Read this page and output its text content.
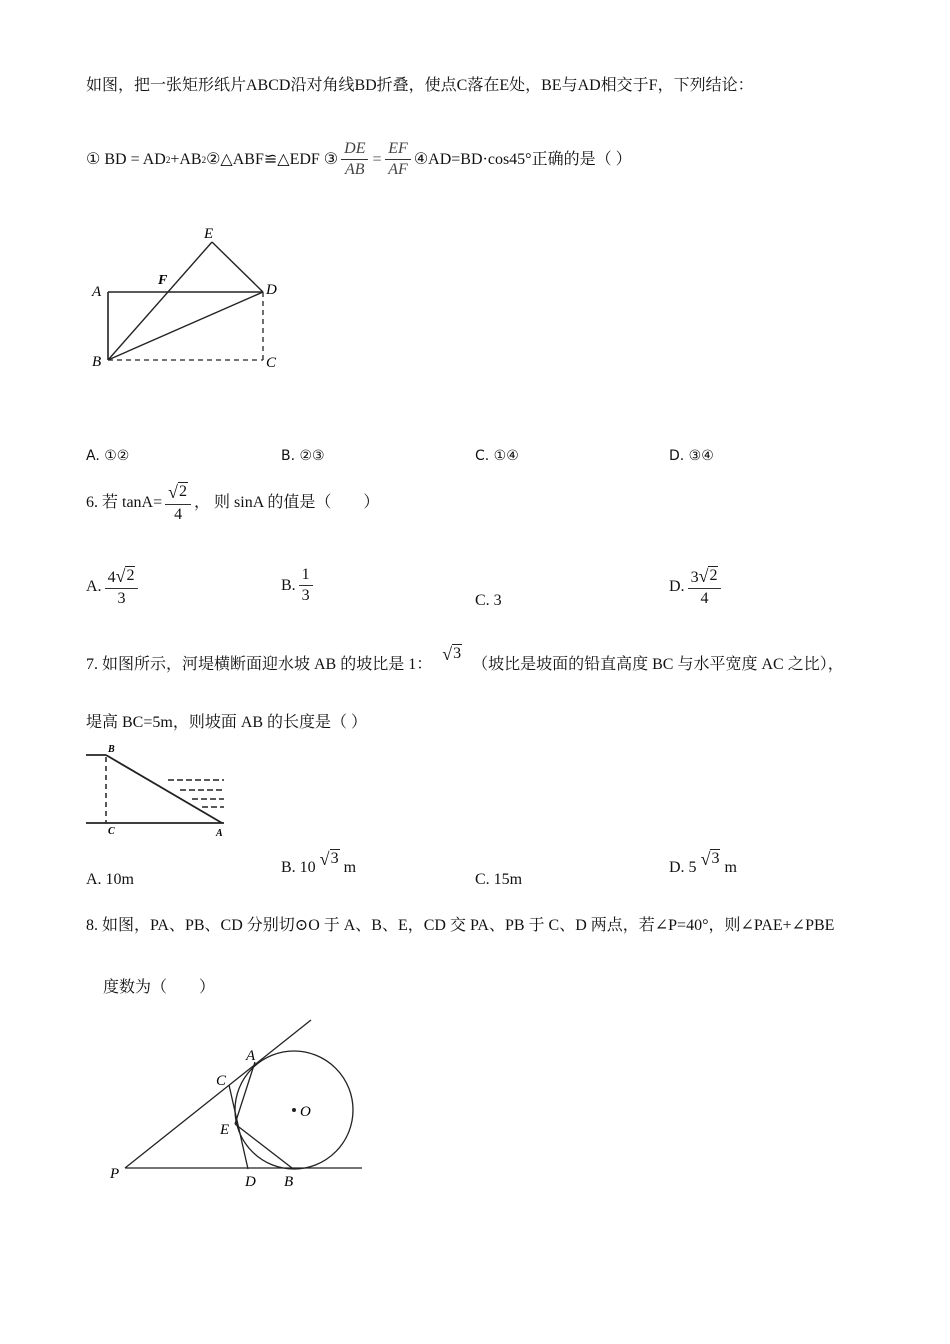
如图，把一张矩形纸片ABCD沿对角线BD折叠，使点C落在E处，BE与AD相交于F，下列结论：
① BD = AD 2 +AB 2 ②△ABF≌△EDF ③ $\frac{DE}{AB} = \frac{EF}{AF}$ ④AD=BD·cos45°正确的是（ ）
E
F
A	D
B	C
A. ①②	B. ②③	C. ①④	D. ③④
6. 若 $\tan A= \frac{√ 2}{4}$ ， 则 sinA 的值是（　　）
A. $\frac{4 √ 2}{3}$	B. $\frac{1}{3}$	C. 3
D. $\frac{3 √ 2}{4}$
7. 如图所示，河堤横断面迎水坡 AB 的坡比是 1：
√ 3
（坡比是坡面的铅直高度 BC 与水平宽度 AC 之比），
堤高 BC=5m，则坡面 AB 的长度是（ ）
B
C	A
A. 10m
B. 10 √ 3
m
C. 15m
D. 5 √ 3
m
8. 如图，PA、PB、CD 分别切⊙O 于 A、B、E，CD 交 PA、PB 于 C、D 两点，若∠P=40°，则∠PAE+∠PBE
度数为（　　）
A
C
E
O
P	D B
